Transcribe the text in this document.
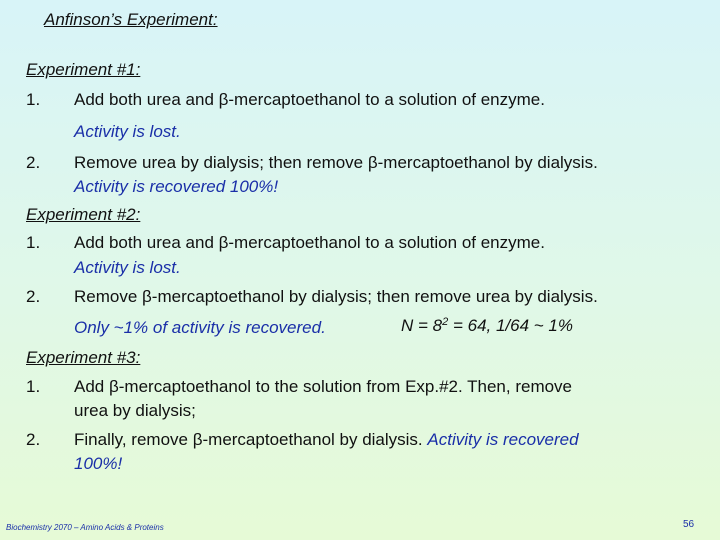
Anfinson’s Experiment:
Experiment #1:
1. Add both urea and β-mercaptoethanol to a solution of enzyme.
Activity is lost.
2. Remove urea by dialysis; then remove β-mercaptoethanol by dialysis.
Activity is recovered 100%!
Experiment #2:
1. Add both urea and β-mercaptoethanol to a solution of enzyme.
Activity is lost.
2. Remove β-mercaptoethanol by dialysis; then remove urea by dialysis.
Only ~1% of activity is recovered.	$N = 8^2 = 64$, 1/64 ~ 1%
Experiment #3:
1. Add β-mercaptoethanol to the solution from Exp.#2. Then, remove
urea by dialysis;
2. Finally, remove β-mercaptoethanol by dialysis. Activity is recovered
100%!
Biochemistry 2070 – Amino Acids & Proteins	56
